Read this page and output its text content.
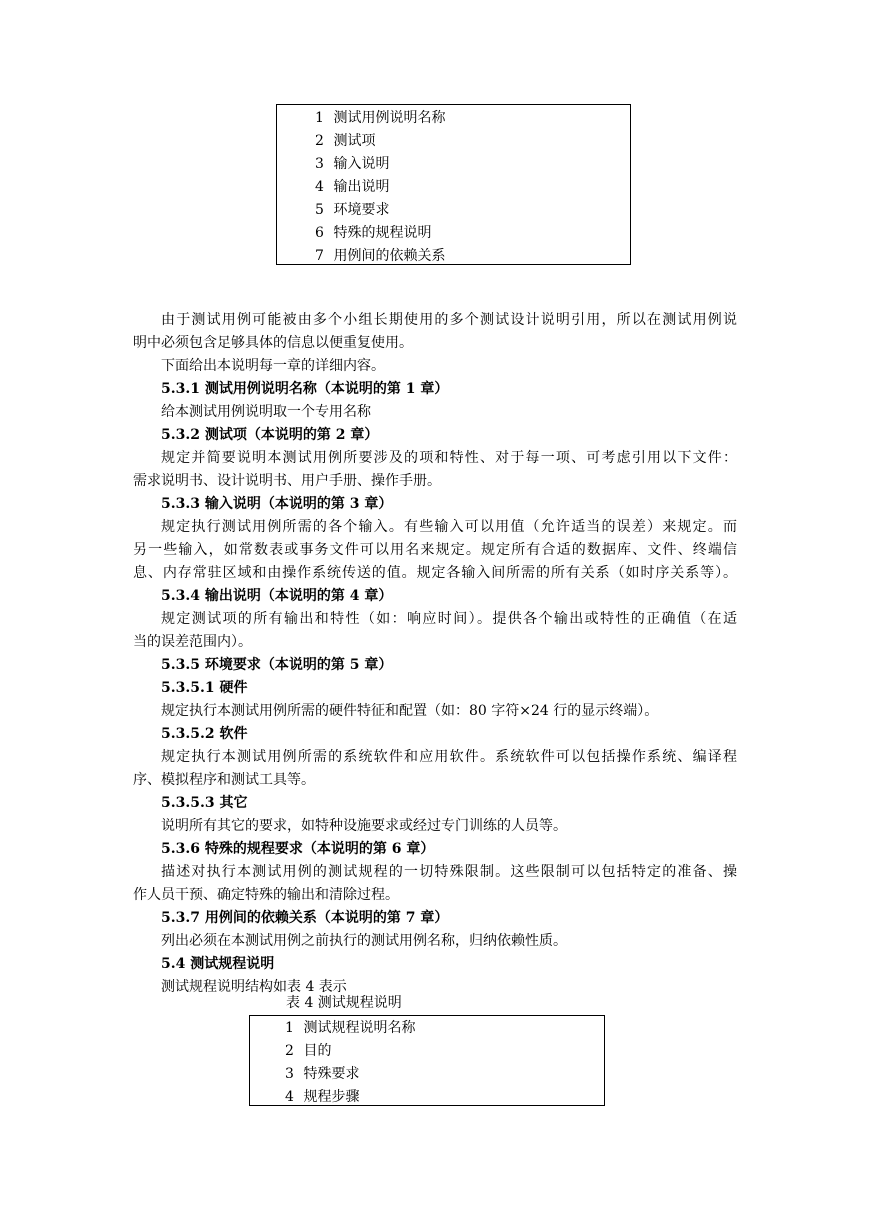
1 测试用例说明名称
2 测试项
3 输入说明
4 输出说明
5 环境要求
6 特殊的规程说明
7 用例间的依赖关系
由于测试用例可能被由多个小组长期使用的多个测试设计说明引用，所以在测试用例说
明中必须包含足够具体的信息以便重复使用。
下面给出本说明每一章的详细内容。
5.3.1 测试用例说明名称（本说明的第 1 章）
给本测试用例说明取一个专用名称
5.3.2 测试项（本说明的第 2 章）
规定并简要说明本测试用例所要涉及的项和特性、对于每一项、可考虑引用以下文件：
需求说明书、设计说明书、用户手册、操作手册。
5.3.3 输入说明（本说明的第 3 章）
规定执行测试用例所需的各个输入。有些输入可以用值（允许适当的误差）来规定。而
另一些输入，如常数表或事务文件可以用名来规定。规定所有合适的数据库、文件、终端信
息、内存常驻区域和由操作系统传送的值。规定各输入间所需的所有关系（如时序关系等）。
5.3.4 输出说明（本说明的第 4 章）
规定测试项的所有输出和特性（如：响应时间）。提供各个输出或特性的正确值（在适
当的误差范围内）。
5.3.5 环境要求（本说明的第 5 章）
5.3.5.1 硬件
规定执行本测试用例所需的硬件特征和配置（如：80 字符×24 行的显示终端）。
5.3.5.2 软件
规定执行本测试用例所需的系统软件和应用软件。系统软件可以包括操作系统、编译程
序、模拟程序和测试工具等。
5.3.5.3 其它
说明所有其它的要求，如特种设施要求或经过专门训练的人员等。
5.3.6 特殊的规程要求（本说明的第 6 章）
描述对执行本测试用例的测试规程的一切特殊限制。这些限制可以包括特定的准备、操
作人员干预、确定特殊的输出和清除过程。
5.3.7 用例间的依赖关系（本说明的第 7 章）
列出必须在本测试用例之前执行的测试用例名称，归纳依赖性质。
5.4 测试规程说明
测试规程说明结构如表 4 表示
表 4 测试规程说明
1 测试规程说明名称
2 目的
3 特殊要求
4 规程步骤
